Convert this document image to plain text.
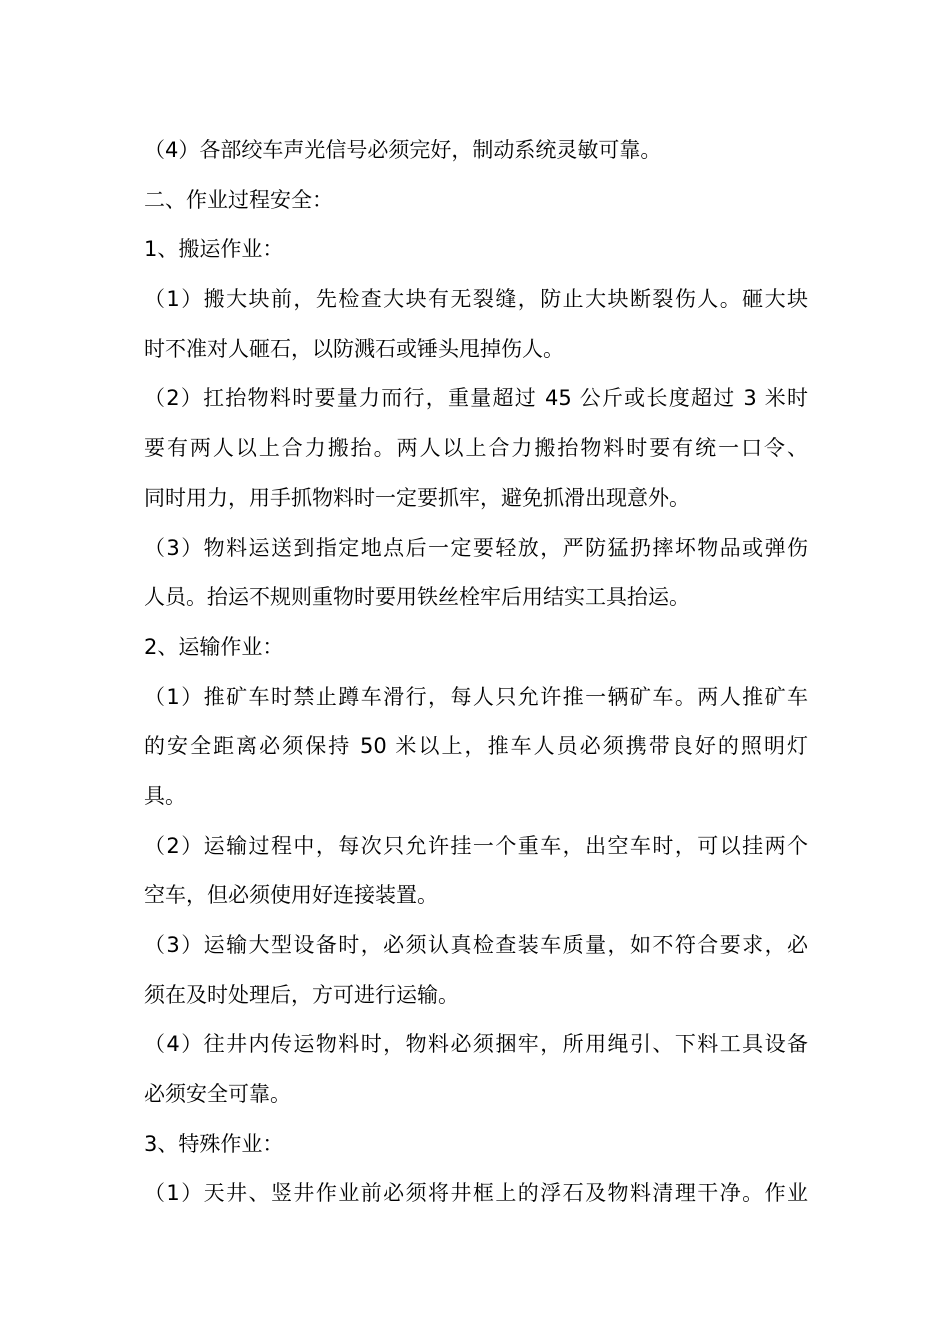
（4）各部绞车声光信号必须完好，制动系统灵敏可靠。
二、作业过程安全：
1、搬运作业：
（1）搬大块前，先检查大块有无裂缝，防止大块断裂伤人。砸大块
时不准对人砸石，以防溅石或锤头甩掉伤人。
（2）扛抬物料时要量力而行，重量超过 45 公斤或长度超过 3 米时
要有两人以上合力搬抬。两人以上合力搬抬物料时要有统一口令、
同时用力，用手抓物料时一定要抓牢，避免抓滑出现意外。
（3）物料运送到指定地点后一定要轻放，严防猛扔摔坏物品或弹伤
人员。抬运不规则重物时要用铁丝栓牢后用结实工具抬运。
2、运输作业：
（1）推矿车时禁止蹲车滑行，每人只允许推一辆矿车。两人推矿车
的安全距离必须保持 50 米以上，推车人员必须携带良好的照明灯
具。
（2）运输过程中，每次只允许挂一个重车，出空车时，可以挂两个
空车，但必须使用好连接装置。
（3）运输大型设备时，必须认真检查装车质量，如不符合要求，必
须在及时处理后，方可进行运输。
（4）往井内传运物料时，物料必须捆牢，所用绳引、下料工具设备
必须安全可靠。
3、特殊作业：
（1）天井、竖井作业前必须将井框上的浮石及物料清理干净。作业
